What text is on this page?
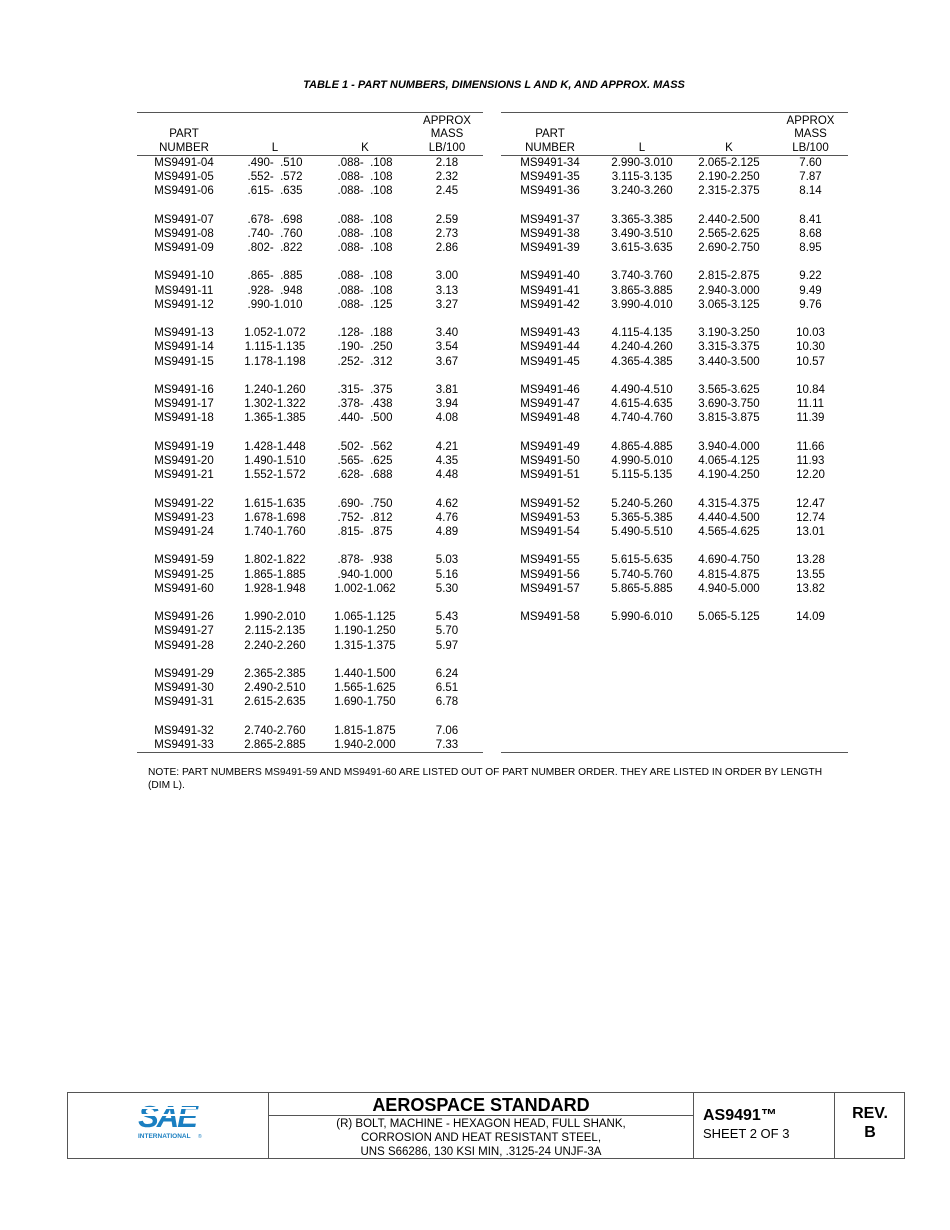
TABLE 1 - PART NUMBERS, DIMENSIONS L AND K, AND APPROX. MASS
PART
NUMBER	L	K	APPROX
MASS
LB/100
MS9491-04	.490-  .510	.088-  .108	2.18
MS9491-05	.552-  .572	.088-  .108	2.32
MS9491-06	.615-  .635	.088-  .108	2.45

MS9491-07	.678-  .698	.088-  .108	2.59
MS9491-08	.740-  .760	.088-  .108	2.73
MS9491-09	.802-  .822	.088-  .108	2.86

MS9491-10	.865-  .885	.088-  .108	3.00
MS9491-11	.928-  .948	.088-  .108	3.13
MS9491-12	.990-1.010	.088-  .125	3.27

MS9491-13	1.052-1.072	.128-  .188	3.40
MS9491-14	1.115-1.135	.190-  .250	3.54
MS9491-15	1.178-1.198	.252-  .312	3.67

MS9491-16	1.240-1.260	.315-  .375	3.81
MS9491-17	1.302-1.322	.378-  .438	3.94
MS9491-18	1.365-1.385	.440-  .500	4.08

MS9491-19	1.428-1.448	.502-  .562	4.21
MS9491-20	1.490-1.510	.565-  .625	4.35
MS9491-21	1.552-1.572	.628-  .688	4.48

MS9491-22	1.615-1.635	.690-  .750	4.62
MS9491-23	1.678-1.698	.752-  .812	4.76
MS9491-24	1.740-1.760	.815-  .875	4.89

MS9491-59	1.802-1.822	.878-  .938	5.03
MS9491-25	1.865-1.885	.940-1.000	5.16
MS9491-60	1.928-1.948	1.002-1.062	5.30

MS9491-26	1.990-2.010	1.065-1.125	5.43
MS9491-27	2.115-2.135	1.190-1.250	5.70
MS9491-28	2.240-2.260	1.315-1.375	5.97

MS9491-29	2.365-2.385	1.440-1.500	6.24
MS9491-30	2.490-2.510	1.565-1.625	6.51
MS9491-31	2.615-2.635	1.690-1.750	6.78

MS9491-32	2.740-2.760	1.815-1.875	7.06
MS9491-33	2.865-2.885	1.940-2.000	7.33
PART
NUMBER	L	K	APPROX
MASS
LB/100
MS9491-34	2.990-3.010	2.065-2.125	7.60
MS9491-35	3.115-3.135	2.190-2.250	7.87
MS9491-36	3.240-3.260	2.315-2.375	8.14

MS9491-37	3.365-3.385	2.440-2.500	8.41
MS9491-38	3.490-3.510	2.565-2.625	8.68
MS9491-39	3.615-3.635	2.690-2.750	8.95

MS9491-40	3.740-3.760	2.815-2.875	9.22
MS9491-41	3.865-3.885	2.940-3.000	9.49
MS9491-42	3.990-4.010	3.065-3.125	9.76

MS9491-43	4.115-4.135	3.190-3.250	10.03
MS9491-44	4.240-4.260	3.315-3.375	10.30
MS9491-45	4.365-4.385	3.440-3.500	10.57

MS9491-46	4.490-4.510	3.565-3.625	10.84
MS9491-47	4.615-4.635	3.690-3.750	11.11
MS9491-48	4.740-4.760	3.815-3.875	11.39

MS9491-49	4.865-4.885	3.940-4.000	11.66
MS9491-50	4.990-5.010	4.065-4.125	11.93
MS9491-51	5.115-5.135	4.190-4.250	12.20

MS9491-52	5.240-5.260	4.315-4.375	12.47
MS9491-53	5.365-5.385	4.440-4.500	12.74
MS9491-54	5.490-5.510	4.565-4.625	13.01

MS9491-55	5.615-5.635	4.690-4.750	13.28
MS9491-56	5.740-5.760	4.815-4.875	13.55
MS9491-57	5.865-5.885	4.940-5.000	13.82

MS9491-58	5.990-6.010	5.065-5.125	14.09

NOTE: PART NUMBERS MS9491-59 AND MS9491-60 ARE LISTED OUT OF PART NUMBER ORDER. THEY ARE LISTED IN ORDER BY LENGTH (DIM L).
SAE
INTERNATIONAL ®
AEROSPACE STANDARD
(R) BOLT, MACHINE - HEXAGON HEAD, FULL SHANK,
CORROSION AND HEAT RESISTANT STEEL,
UNS S66286, 130 KSI MIN, .3125-24 UNJF-3A
AS9491™
SHEET 2 OF 3
REV.
B
